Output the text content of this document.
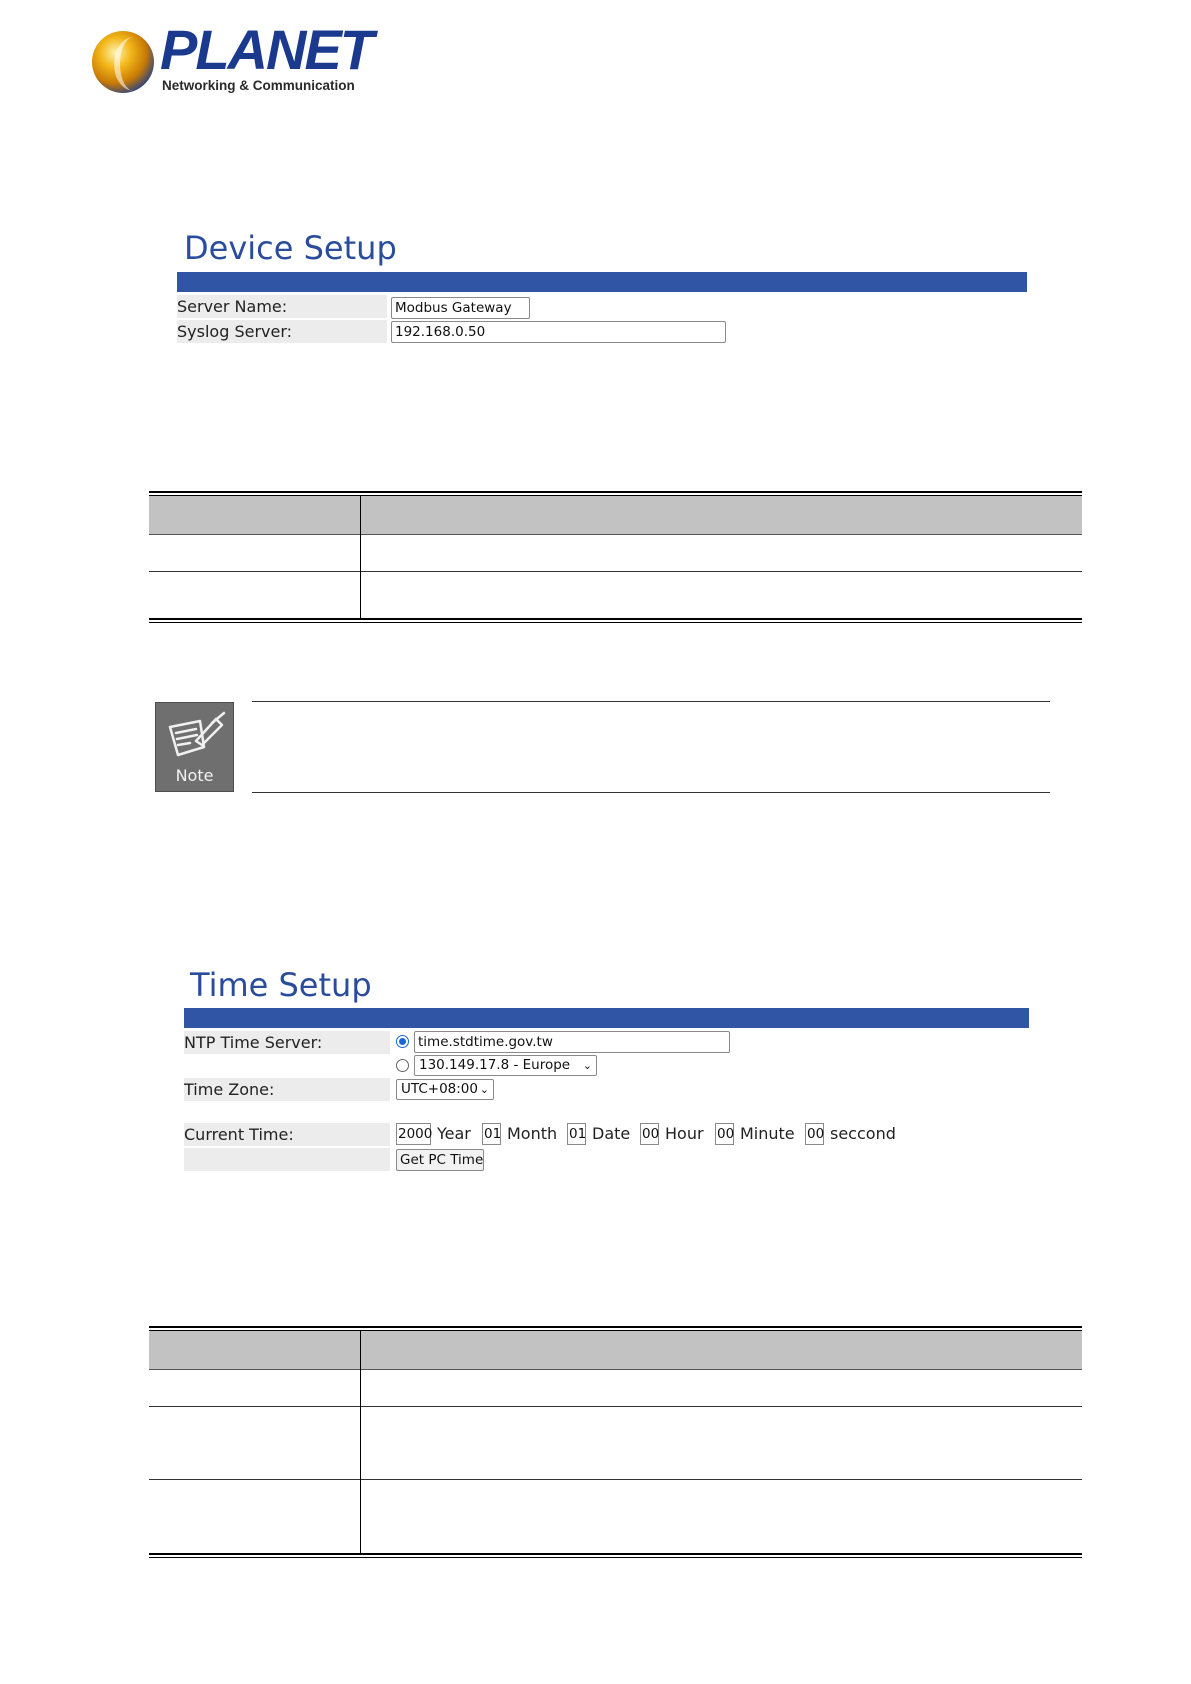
PLANET
Networking & Communication
Device Setup
Server Name:	Modbus Gateway
Syslog Server:	192.168.0.50
Note
Time Setup
NTP Time Server:	time.stdtime.gov.tw
130.149.17.8 - Europe ⌄
Time Zone:	UTC+08:00 ⌄
Current Time:	2000 Year 01 Month 01 Date 00 Hour 00 Minute 00 seccond
Get PC Time
